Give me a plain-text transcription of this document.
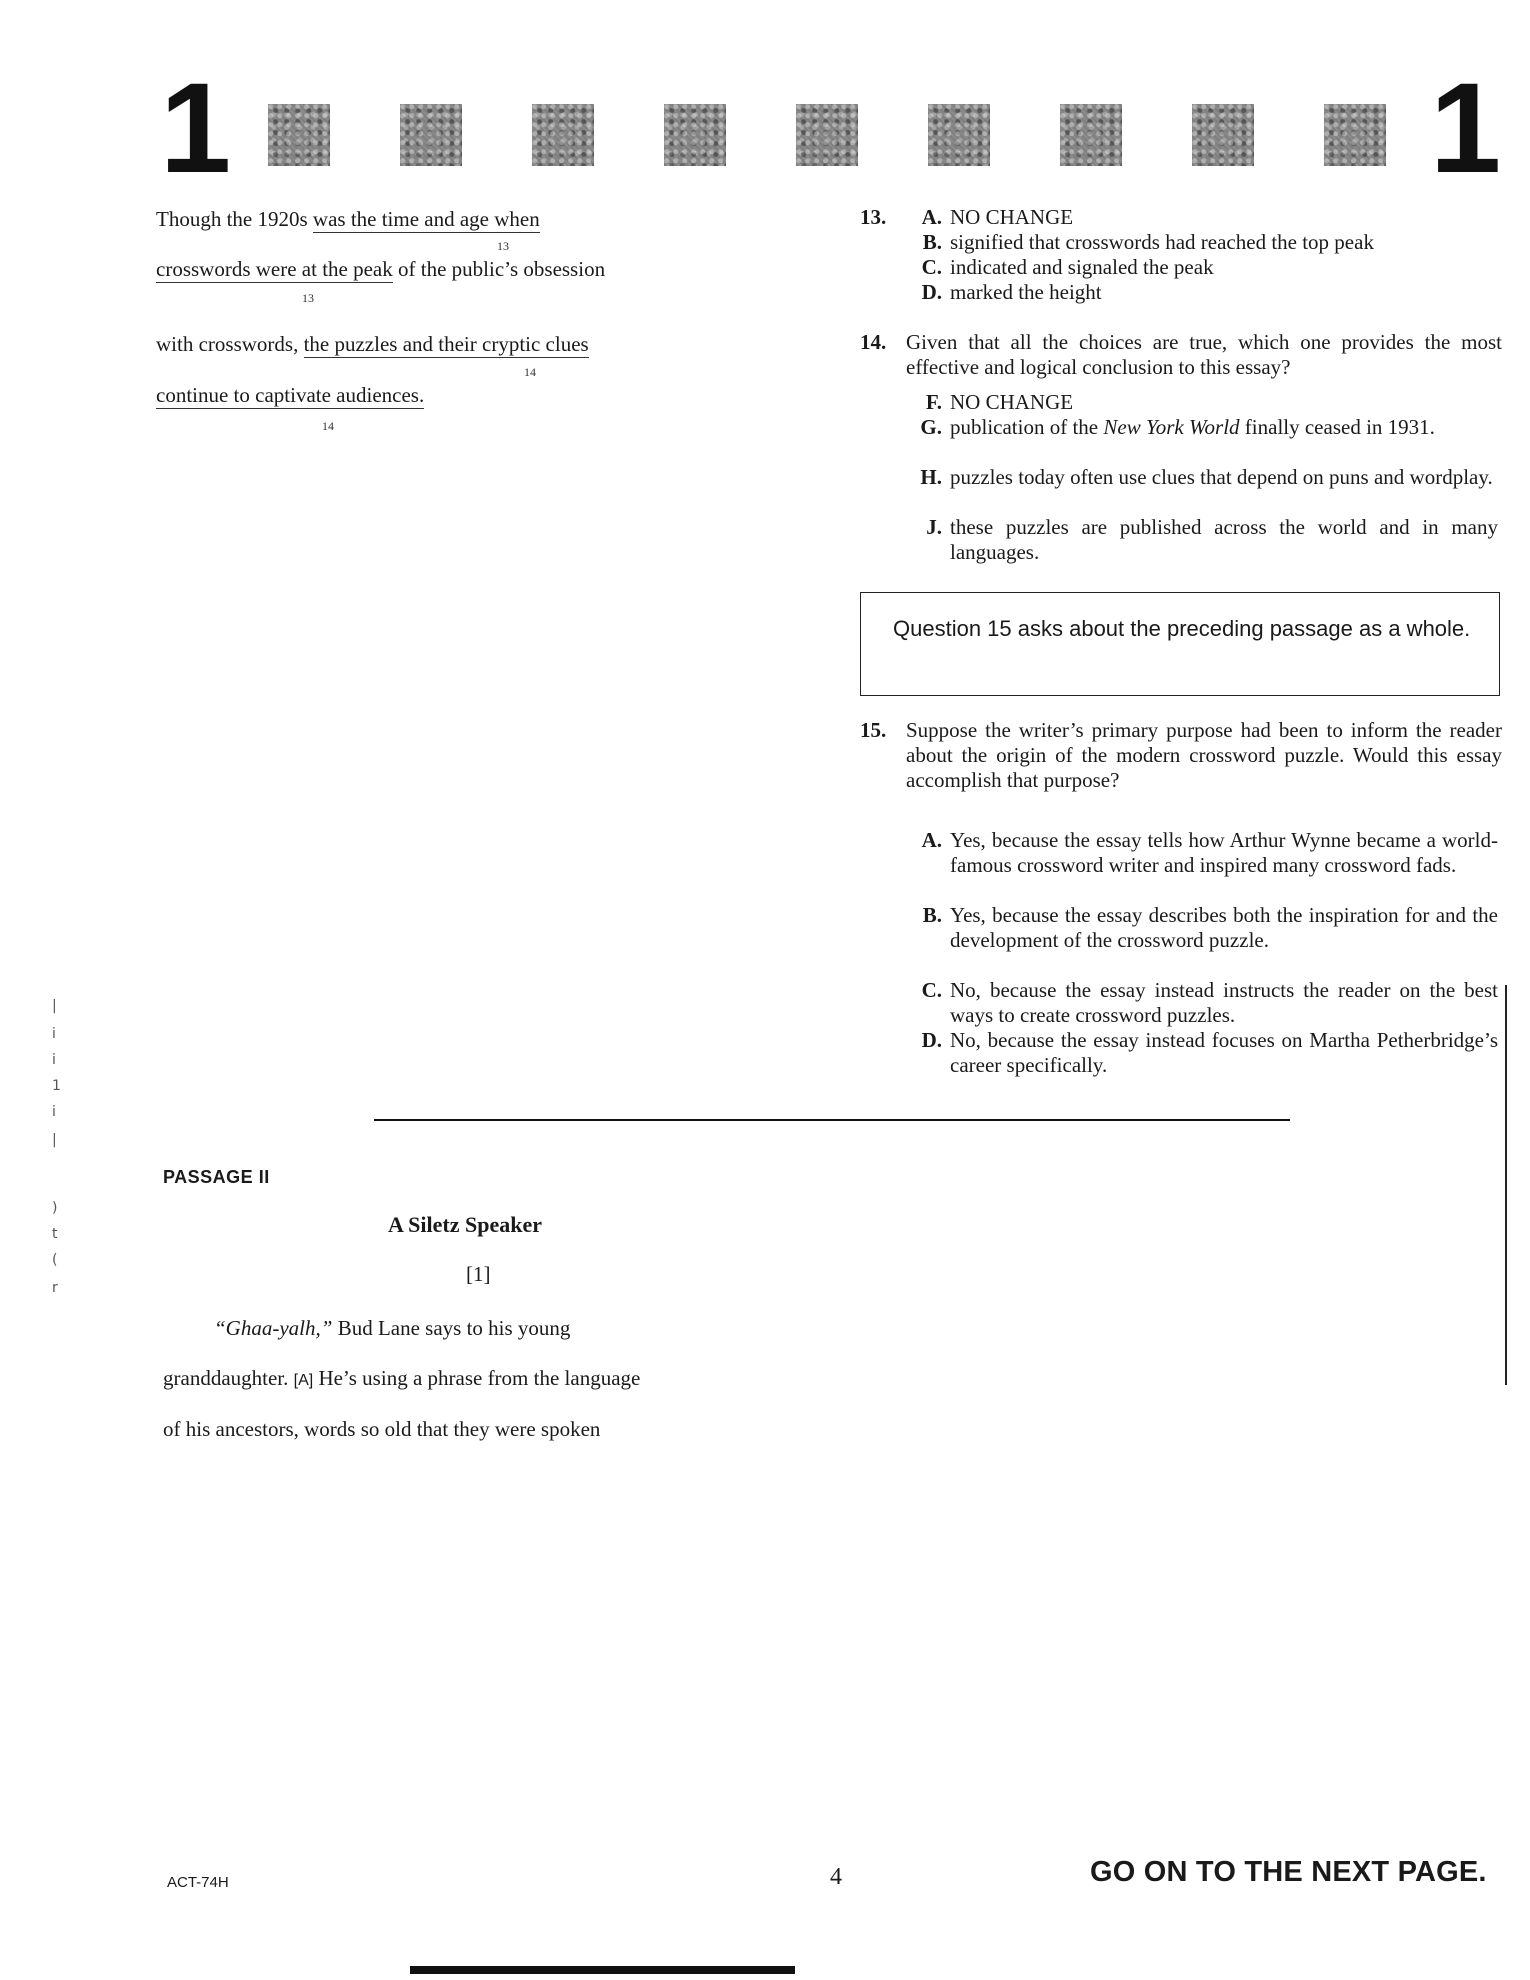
1	1
Though the 1920s was the time and age when
13
crosswords were at the peak of the public’s obsession
13
with crosswords, the puzzles and their cryptic clues
14
continue to captivate audiences.
14
13.	A. NO CHANGE
B. signified that crosswords had reached the top peak
C. indicated and signaled the peak
D. marked the height
14. Given that all the choices are true, which one provides the most effective and logical conclusion to this essay?
F. NO CHANGE
G. publication of the New York World finally ceased in 1931.
H. puzzles today often use clues that depend on puns and wordplay.
J. these puzzles are published across the world and in many languages.
Question 15 asks about the preceding passage as a whole.
15. Suppose the writer’s primary purpose had been to inform the reader about the origin of the modern crossword puzzle. Would this essay accomplish that purpose?
A. Yes, because the essay tells how Arthur Wynne became a world-famous crossword writer and inspired many crossword fads.
B. Yes, because the essay describes both the inspiration for and the development of the crossword puzzle.
C. No, because the essay instead instructs the reader on the best ways to create crossword puzzles.
D. No, because the essay instead focuses on Martha Petherbridge’s career specifically.
PASSAGE II
A Siletz Speaker
[1]
“Ghaa-yalh,” Bud Lane says to his young
granddaughter. [A] He’s using a phrase from the language
of his ancestors, words so old that they were spoken
|
i
i
1
i
|
)
t
(
r
ACT-74H	4	GO ON TO THE NEXT PAGE.
